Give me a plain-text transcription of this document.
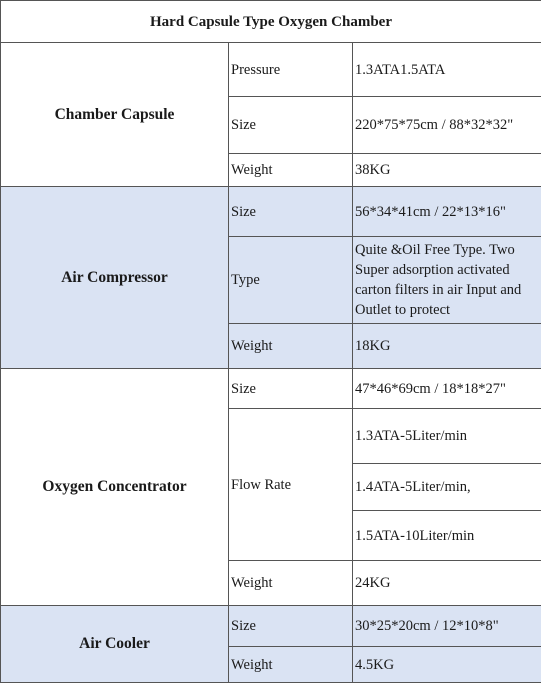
Hard Capsule Type Oxygen Chamber		
Chamber Capsule	Pressure	1.3ATA1.5ATA
	Size	220*75*75cm / 88*32*32"
	Weight	38KG
Air Compressor	Size	56*34*41cm / 22*13*16"
	Type	Quite &Oil Free Type. Two Super adsorption activated carton filters in air Input and Outlet to protect
	Weight	18KG
Oxygen Concentrator	Size	47*46*69cm / 18*18*27"
	Flow Rate	1.3ATA-5Liter/min
		1.4ATA-5Liter/min,
		1.5ATA-10Liter/min
	Weight	24KG
Air Cooler	Size	30*25*20cm / 12*10*8"
	Weight	4.5KG
